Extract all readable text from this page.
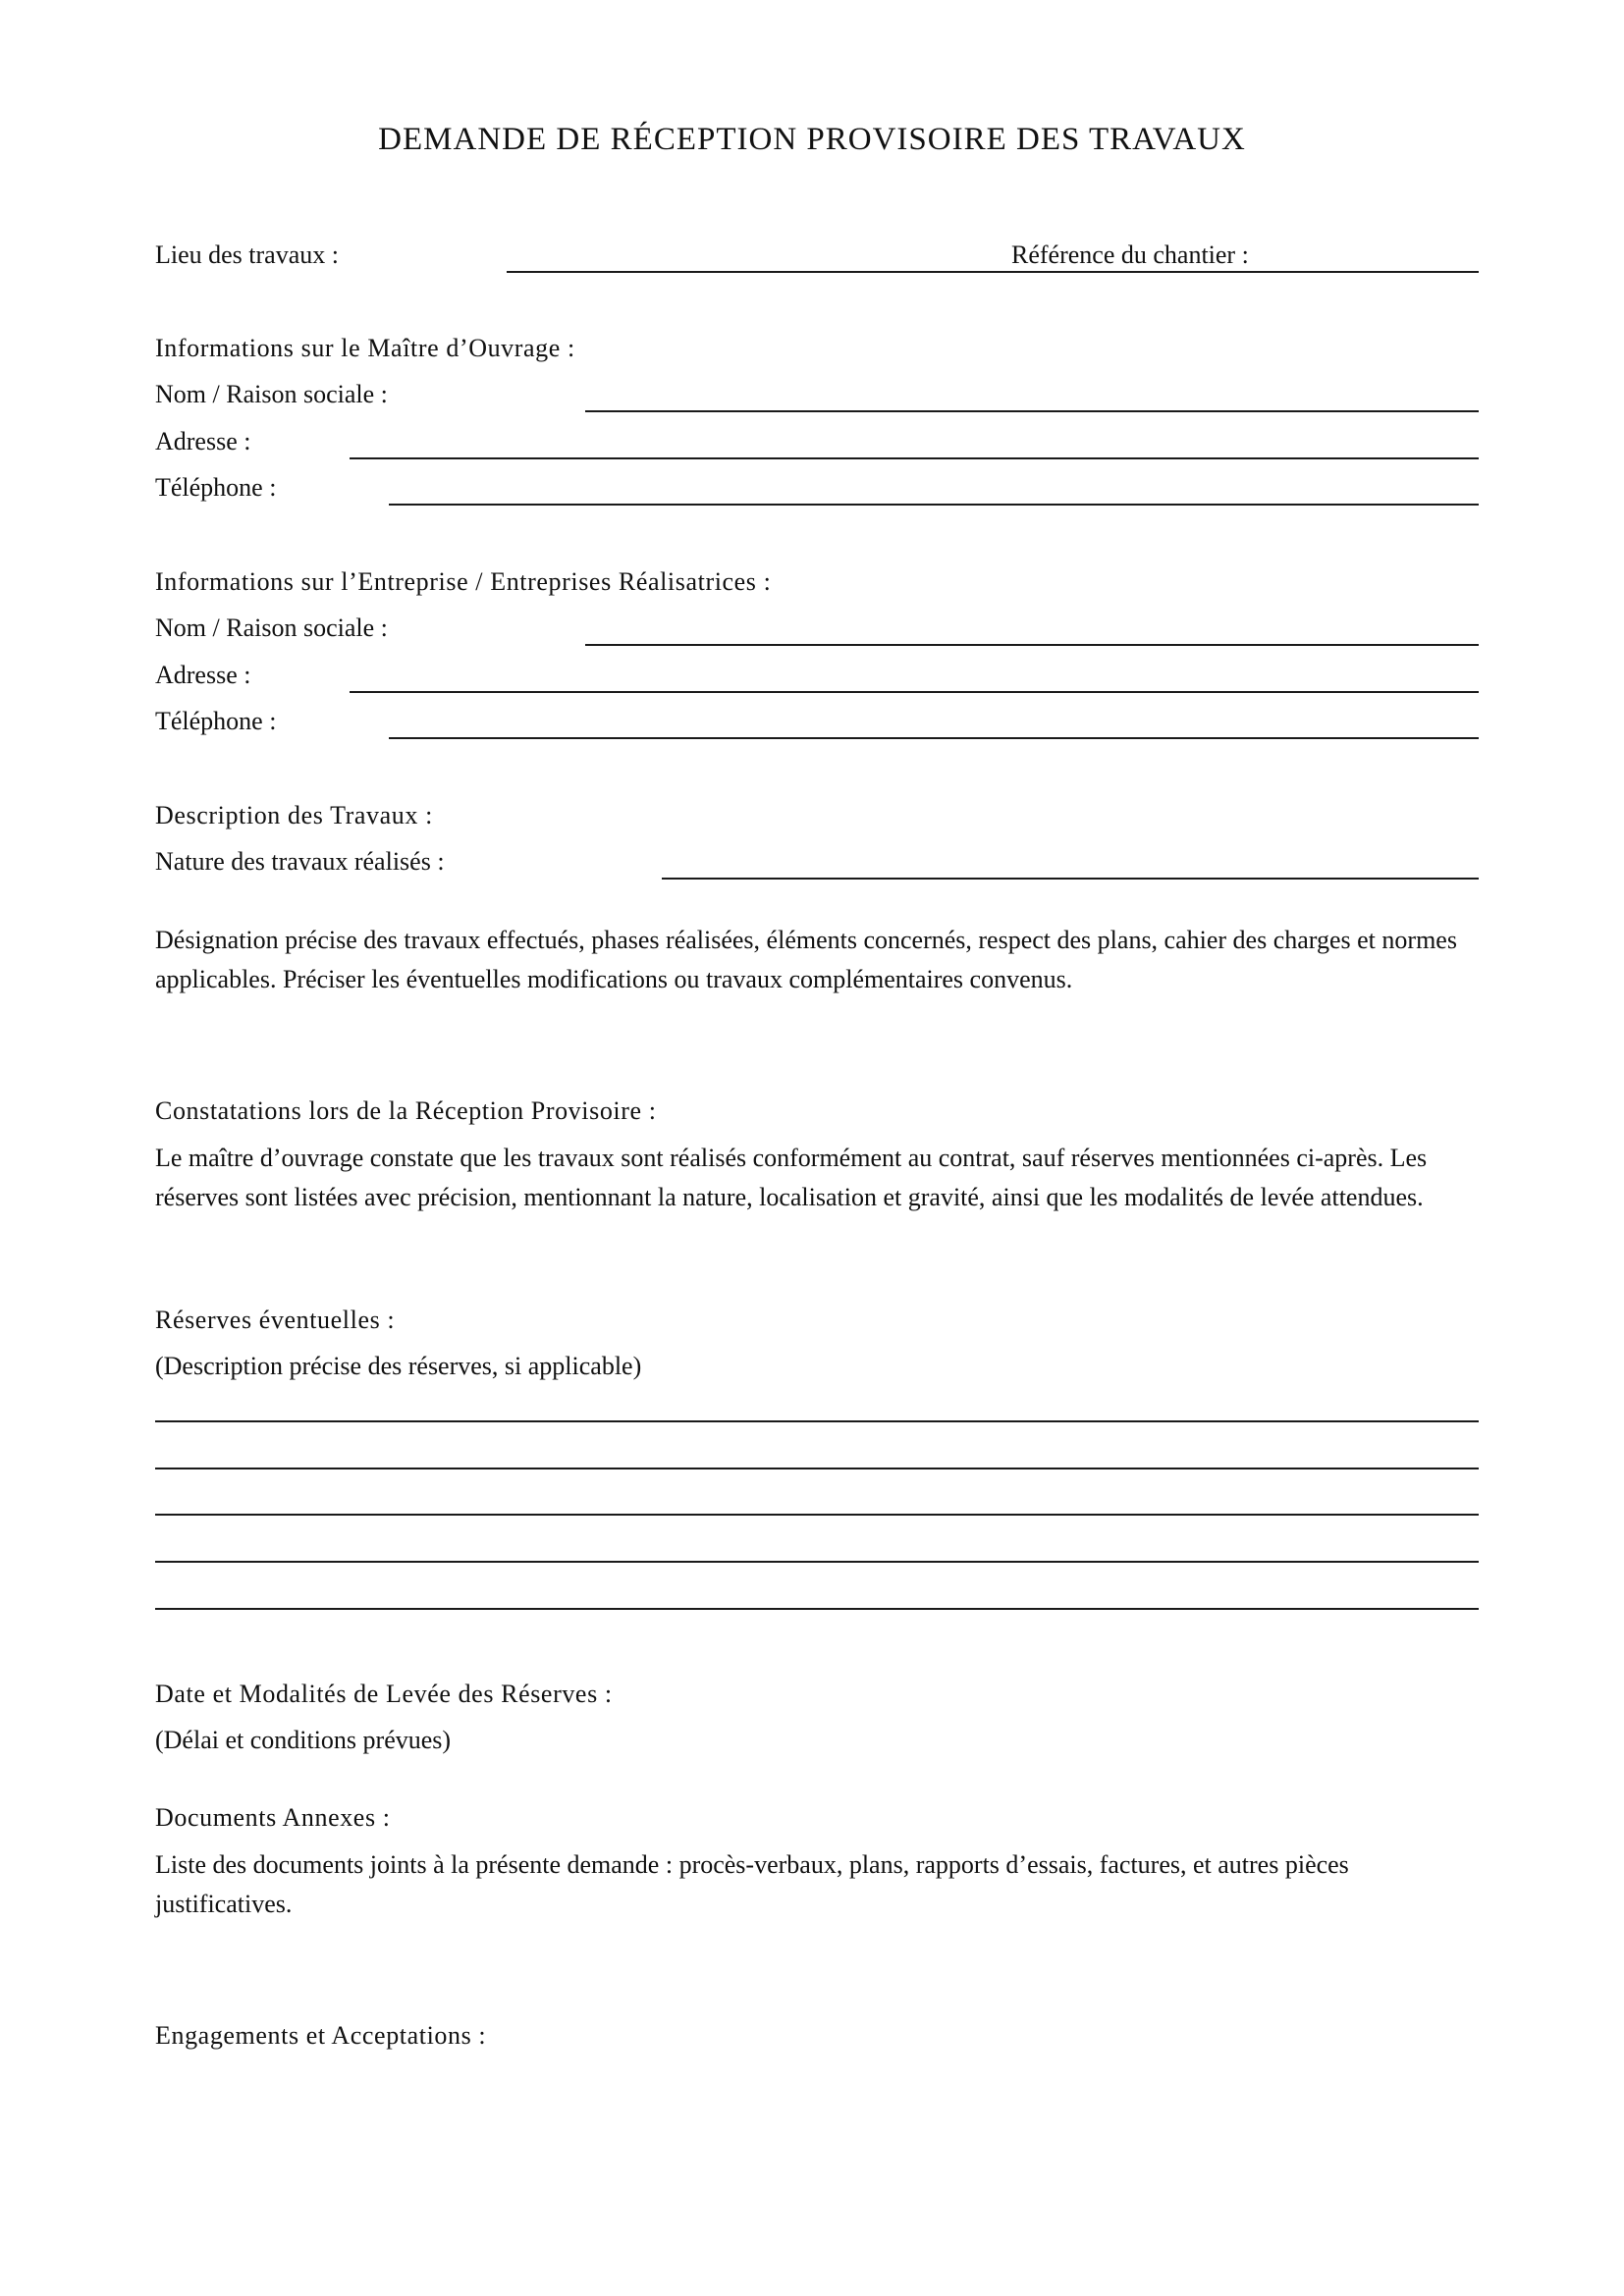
DEMANDE DE RÉCEPTION PROVISOIRE DES TRAVAUX
Lieu des travaux :	Référence du chantier :
Informations sur le Maître d’Ouvrage :
Nom / Raison sociale :
Adresse :
Téléphone :
Informations sur l’Entreprise / Entreprises Réalisatrices :
Nom / Raison sociale :
Adresse :
Téléphone :
Description des Travaux :
Nature des travaux réalisés :
Désignation précise des travaux effectués, phases réalisées, éléments concernés, respect des plans, cahier des charges et normes applicables. Préciser les éventuelles modifications ou travaux complémentaires convenus.
Constatations lors de la Réception Provisoire :
Le maître d’ouvrage constate que les travaux sont réalisés conformément au contrat, sauf réserves mentionnées ci-après. Les réserves sont listées avec précision, mentionnant la nature, localisation et gravité, ainsi que les modalités de levée attendues.
Réserves éventuelles :
(Description précise des réserves, si applicable)
Date et Modalités de Levée des Réserves :
(Délai et conditions prévues)
Documents Annexes :
Liste des documents joints à la présente demande : procès-verbaux, plans, rapports d’essais, factures, et autres pièces justificatives.
Engagements et Acceptations :
